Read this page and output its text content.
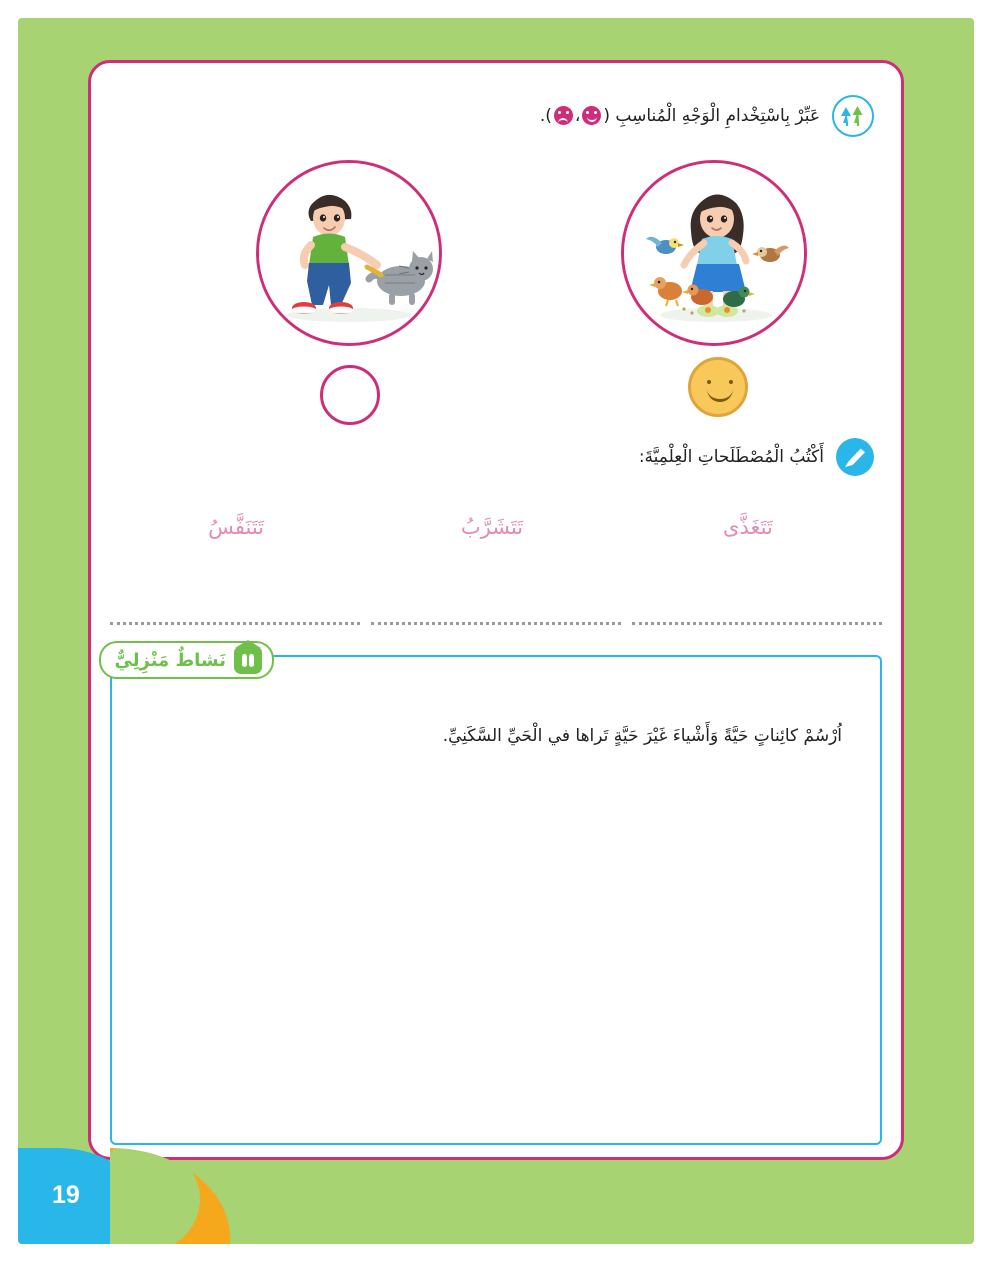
عَبِّرْ بِاسْتِخْدامِ الْوَجْهِ الْمُناسِبِ (،).
أَكْتُبُ الْمُصْطَلَحاتِ الْعِلْمِيَّةَ:
تَتَنَفَّسُ	تَتَشَرَّبُ	تَتَغَذَّى
نَشاطٌ مَنْزِلِيٌّ
اُرْسُمْ كائِناتٍ حَيَّةً وَأَشْياءَ غَيْرَ حَيَّةٍ تَراها في الْحَيِّ السَّكَنِيِّ.
19
